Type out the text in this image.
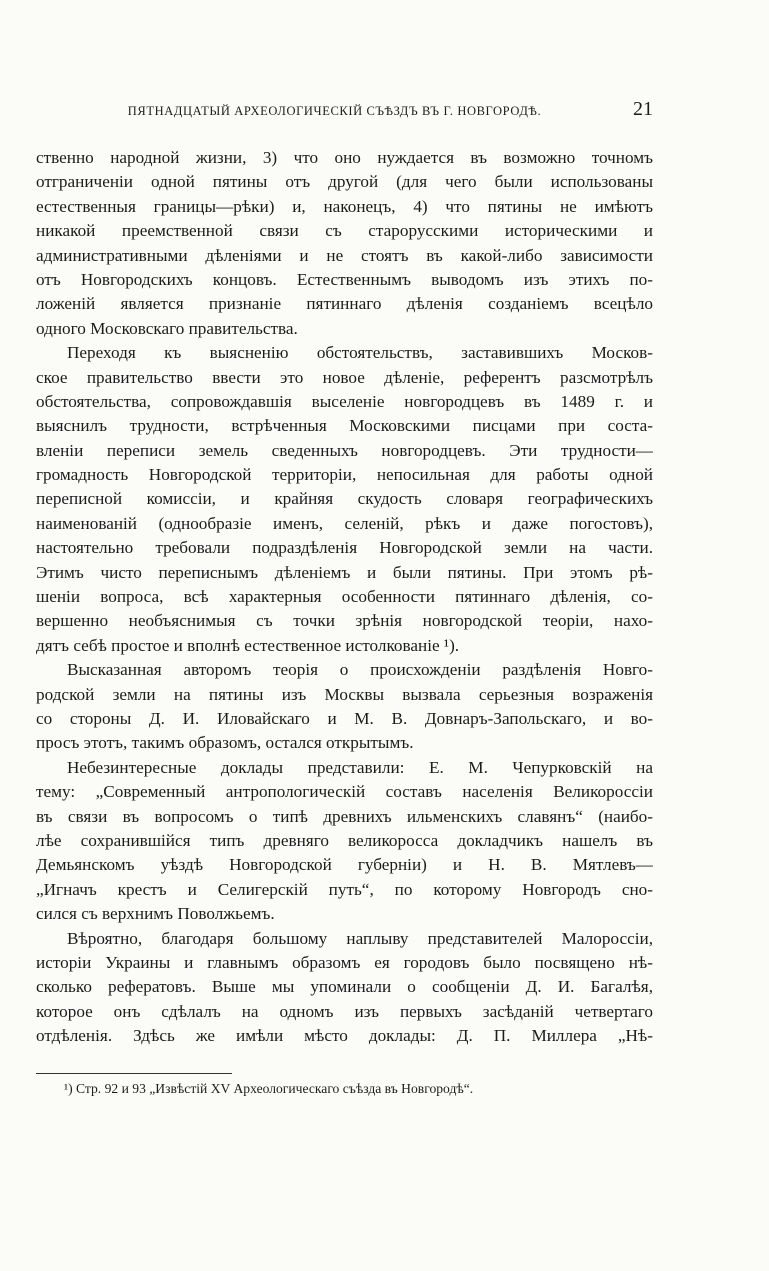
ПЯТНАДЦАТЫЙ АРХЕОЛОГИЧЕСКІЙ СЪѢЗДЪ ВЪ Г. НОВГОРОДѢ.	21
ственно народной жизни, 3) что оно нуждается въ возможно точномъ
отграниченіи одной пятины отъ другой (для чего были использованы
естественныя границы—рѣки) и, наконецъ, 4) что пятины не имѣютъ
никакой преемственной связи съ старорусскими историческими и
административными дѣленіями и не стоятъ въ какой-либо зависимости
отъ Новгородскихъ концовъ. Естественнымъ выводомъ изъ этихъ по-
ложеній является признаніе пятиннаго дѣленія созданіемъ всецѣло
одного Московскаго правительства.
Переходя къ выясненію обстоятельствъ, заставившихъ Москов-
ское правительство ввести это новое дѣленіе, референтъ разсмотрѣлъ
обстоятельства, сопровождавшія выселеніе новгородцевъ въ 1489 г. и
выяснилъ трудности, встрѣченныя Московскими писцами при соста-
вленіи переписи земель сведенныхъ новгородцевъ. Эти трудности—
громадность Новгородской территоріи, непосильная для работы одной
переписной комиссіи, и крайняя скудость словаря географическихъ
наименованій (однообразіе именъ, селеній, рѣкъ и даже погостовъ),
настоятельно требовали подраздѣленія Новгородской земли на части.
Этимъ чисто переписнымъ дѣленіемъ и были пятины. При этомъ рѣ-
шеніи вопроса, всѣ характерныя особенности пятиннаго дѣленія, со-
вершенно необъяснимыя съ точки зрѣнія новгородской теоріи, нахо-
дятъ себѣ простое и вполнѣ естественное истолкованіе ¹).
Высказанная авторомъ теорія о происхожденіи раздѣленія Новго-
родской земли на пятины изъ Москвы вызвала серьезныя возраженія
со стороны Д. И. Иловайскаго и М. В. Довнаръ-Запольскаго, и во-
просъ этотъ, такимъ образомъ, остался открытымъ.
Небезинтересные доклады представили: Е. М. Чепурковскій на
тему: „Современный антропологическій составъ населенія Великороссіи
въ связи въ вопросомъ о типѣ древнихъ ильменскихъ славянъ“ (наибо-
лѣе сохранившійся типъ древняго великоросса докладчикъ нашелъ въ
Демьянскомъ уѣздѣ Новгородской губерніи) и Н. В. Мятлевъ—
„Игначъ крестъ и Селигерскій путь“, по которому Новгородъ сно-
сился съ верхнимъ Поволжьемъ.
Вѣроятно, благодаря большому наплыву представителей Малороссіи,
исторіи Украины и главнымъ образомъ ея городовъ было посвящено нѣ-
сколько рефератовъ. Выше мы упоминали о сообщеніи Д. И. Багалѣя,
которое онъ сдѣлалъ на одномъ изъ первыхъ засѣданій четвертаго
отдѣленія. Здѣсь же имѣли мѣсто доклады: Д. П. Миллера „Нѣ-
¹) Стр. 92 и 93 „Извѣстій XV Археологическаго съѣзда въ Новгородѣ“.
